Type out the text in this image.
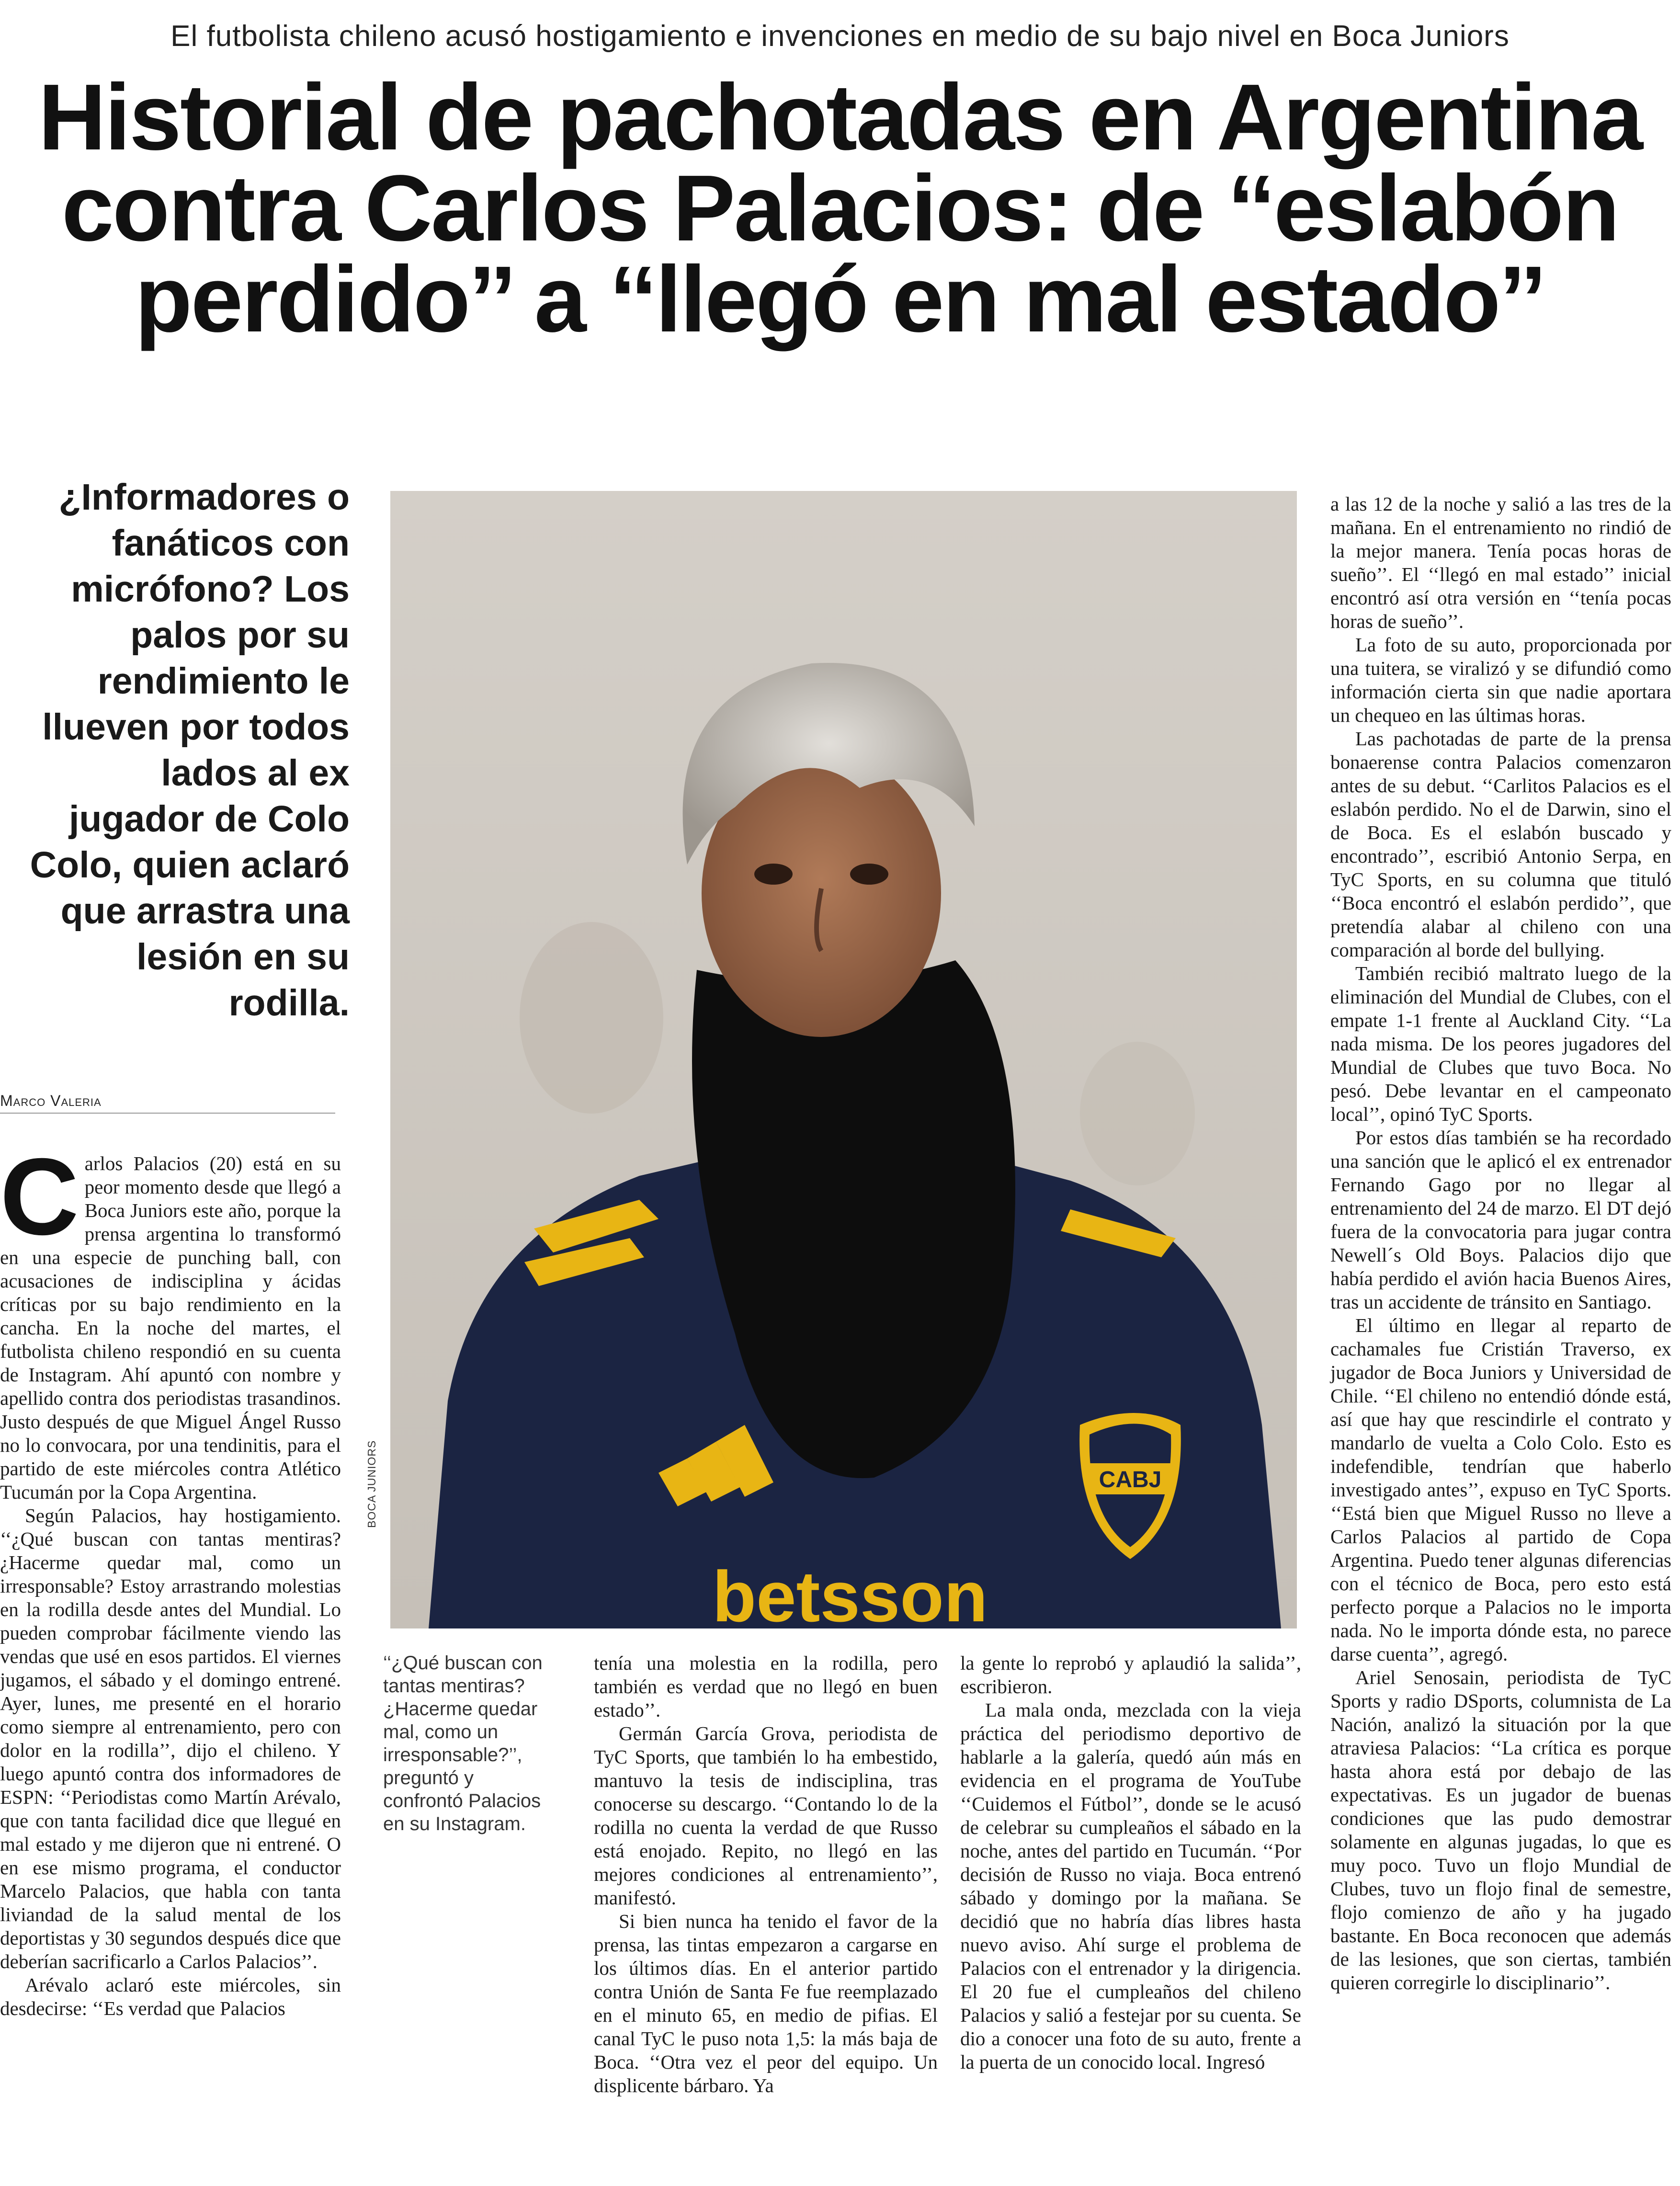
El futbolista chileno acusó hostigamiento e invenciones en medio de su bajo nivel en Boca Juniors
Historial de pachotadas en Argentina
contra Carlos Palacios: de ‘‘eslabón
perdido’’ a ‘‘llegó en mal estado’’
¿Informadores o fanáticos con micrófono? Los palos por su rendimiento le llueven por todos lados al ex jugador de Colo Colo, quien aclaró que arrastra una lesión en su rodilla.
Marco Valeria
CABJ
betsson
BOCA JUNIORS
‘‘¿Qué buscan con tantas mentiras? ¿Hacerme quedar mal, como un irresponsable?’’, preguntó y confrontó Palacios en su Instagram.

Carlos Palacios (20) está en su peor momento desde que llegó a Boca Juniors este año, porque la prensa argentina lo transformó en una especie de punching ball, con acusaciones de indisciplina y ácidas críticas por su bajo rendimiento en la cancha. En la noche del martes, el futbolista chileno respondió en su cuenta de Instagram. Ahí apuntó con nombre y apellido contra dos periodistas trasandinos. Justo después de que Miguel Ángel Russo no lo convocara, por una tendinitis, para el partido de este miércoles contra Atlético Tucumán por la Copa Argentina.

Según Palacios, hay hostigamiento. ‘‘¿Qué buscan con tantas mentiras? ¿Hacerme quedar mal, como un irresponsable? Estoy arrastrando molestias en la rodilla desde antes del Mundial. Lo pueden comprobar fácilmente viendo las vendas que usé en esos partidos. El viernes jugamos, el sábado y el domingo entrené. Ayer, lunes, me presenté en el horario como siempre al entrenamiento, pero con dolor en la rodilla’’, dijo el chileno. Y luego apuntó contra dos informadores de ESPN: ‘‘Periodistas como Martín Arévalo, que con tanta facilidad dice que llegué en mal estado y me dijeron que ni entrené. O en ese mismo programa, el conductor Marcelo Palacios, que habla con tanta liviandad de la salud mental de los deportistas y 30 segundos después dice que deberían sacrificarlo a Carlos Palacios’’.

Arévalo aclaró este miércoles, sin desdecirse: ‘‘Es verdad que Palacios

tenía una molestia en la rodilla, pero también es verdad que no llegó en buen estado’’.

Germán García Grova, periodista de TyC Sports, que también lo ha embestido, mantuvo la tesis de indisciplina, tras conocerse su descargo. ‘‘Contando lo de la rodilla no cuenta la verdad de que Russo está enojado. Repito, no llegó en las mejores condiciones al entrenamiento’’, manifestó.

Si bien nunca ha tenido el favor de la prensa, las tintas empezaron a cargarse en los últimos días. En el anterior partido contra Unión de Santa Fe fue reemplazado en el minuto 65, en medio de pifias. El canal TyC le puso nota 1,5: la más baja de Boca. ‘‘Otra vez el peor del equipo. Un displicente bárbaro. Ya

la gente lo reprobó y aplaudió la salida’’, escribieron.

La mala onda, mezclada con la vieja práctica del periodismo deportivo de hablarle a la galería, quedó aún más en evidencia en el programa de YouTube ‘‘Cuidemos el Fútbol’’, donde se le acusó de celebrar su cumpleaños el sábado en la noche, antes del partido en Tucumán. ‘‘Por decisión de Russo no viaja. Boca entrenó sábado y domingo por la mañana. Se decidió que no habría días libres hasta nuevo aviso. Ahí surge el problema de Palacios con el entrenador y la dirigencia. El 20 fue el cumpleaños del chileno Palacios y salió a festejar por su cuenta. Se dio a conocer una foto de su auto, frente a la puerta de un conocido local. Ingresó

a las 12 de la noche y salió a las tres de la mañana. En el entrenamiento no rindió de la mejor manera. Tenía pocas horas de sueño’’. El ‘‘llegó en mal estado’’ inicial encontró así otra versión en ‘‘tenía pocas horas de sueño’’.

La foto de su auto, proporcionada por una tuitera, se viralizó y se difundió como información cierta sin que nadie aportara un chequeo en las últimas horas.

Las pachotadas de parte de la prensa bonaerense contra Palacios comenzaron antes de su debut. ‘‘Carlitos Palacios es el eslabón perdido. No el de Darwin, sino el de Boca. Es el eslabón buscado y encontrado’’, escribió Antonio Serpa, en TyC Sports, en su columna que tituló ‘‘Boca encontró el eslabón perdido’’, que pretendía alabar al chileno con una comparación al borde del bullying.

También recibió maltrato luego de la eliminación del Mundial de Clubes, con el empate 1-1 frente al Auckland City. ‘‘La nada misma. De los peores jugadores del Mundial de Clubes que tuvo Boca. No pesó. Debe levantar en el campeonato local’’, opinó TyC Sports.

Por estos días también se ha recordado una sanción que le aplicó el ex entrenador Fernando Gago por no llegar al entrenamiento del 24 de marzo. El DT dejó fuera de la convocatoria para jugar contra Newell´s Old Boys. Palacios dijo que había perdido el avión hacia Buenos Aires, tras un accidente de tránsito en Santiago.

El último en llegar al reparto de cachamales fue Cristián Traverso, ex jugador de Boca Juniors y Universidad de Chile. ‘‘El chileno no entendió dónde está, así que hay que rescindirle el contrato y mandarlo de vuelta a Colo Colo. Esto es indefendible, tendrían que haberlo investigado antes’’, expuso en TyC Sports. ‘‘Está bien que Miguel Russo no lleve a Carlos Palacios al partido de Copa Argentina. Puedo tener algunas diferencias con el técnico de Boca, pero esto está perfecto porque a Palacios no le importa nada. No le importa dónde esta, no parece darse cuenta’’, agregó.

Ariel Senosain, periodista de TyC Sports y radio DSports, columnista de La Nación, analizó la situación por la que atraviesa Palacios: ‘‘La crítica es porque hasta ahora está por debajo de las expectativas. Es un jugador de buenas condiciones que las pudo demostrar solamente en algunas jugadas, lo que es muy poco. Tuvo un flojo Mundial de Clubes, tuvo un flojo final de semestre, flojo comienzo de año y ha jugado bastante. En Boca reconocen que además de las lesiones, que son ciertas, también quieren corregirle lo disciplinario’’.
